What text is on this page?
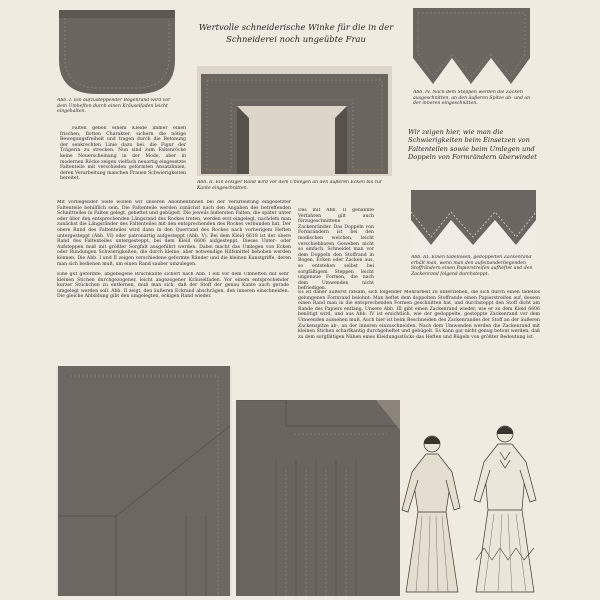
Abb. I. Ein aufzusteppender Bogenrand wird vor dem Umheften durch einen Kräuselfaden leicht eingehalten.
Wertvolle schneiderische Winke für die in der
Schneiderei noch ungeübte Frau
Abb. IV. Nach dem Steppen werden die Zacken ausgeschnitten, an den äußeren Spitze ab- und an der inneren eingeschnitten.
Abb. II. Ein eckiger Rand wird vor dem Umlegen an den äußeren Ecken bis zur Kante eingeschnitten.
Wir zeigen hier, wie man die Schwierigkeiten beim Einsetzen von Faltenteilen sowie beim Umlegen und Doppeln von Formrändern überwindet
Abb. III. Einen tadellosen, gedoppelten Zackenrand erhält man, wenn man den aufeinanderliegenden Stoffrändern einen Papierstreifen aufheftet und den Zackenrand folgend durchsteppt.
Falten geben einem Kleide immer einen frischen, flotten Charakter, sichern die nötige Bewegungsfreiheit und tragen durch die Betonung der senkrechten Linie dazu bei, die Figur der Trägerin zu strecken. Nun sind zum Faltenröcke keine Neuerscheinung in der Mode, aber in modernen Röcke zeigen vielfach neuartig eingesetzte Faltenteile mit verschieden geformten Ansatzlinien, deren Verarbeitung manchen Frauen Schwierigkeiten bereitet.
Mit vorliegender Seite wollen wir unseren Abonnentinnen bei der Verarbeitung eingesetzter Faltenteile behilflich sein. Die Faltenteile werden zunächst nach den Angaben des betreffenden Schnittteiles in Falten gelegt, geheftet und gebügelt. Die jeweils äußersten Falten, die später unter oder über den entsprechenden Längsrand des Rockes treten, werden erst eingelegt, nachdem man zunächst die Längsränder des Faltenteiles mit den entsprechenden des Rockes verbunden hat. Der obere Rund des Faltenteiles wird dann in den Querrand des Rockes nach vorherigem Heften untergesteppt (Abb. VI) oder patronartig aufgesteppt (Abb. V). Bei dem Kleid 6618 ist der obere Rand des Faltenteiles untergesteppt, bei dem Kleid 6606 aufgesteppt. Dieses Unter- oder Aufsteppen muß mit größter Sorgfalt ausgeführt werden. Dabei macht das Umlegen von Ecken oder Rundungen Schwierigkeiten, die durch kleine, aber notwendige Hilfsmittel behoben werden können. Die Abb. I und II zeigen verschiedene geformte Ränder und die kleinen Kunstgriffe, deren man sich bedienen muß, um einen Rand sauber umzulegen.
Eine gut geformte, abgebogene Bruchkante sichert nach Abb. I ein vor dem Umheften mit sehr kleinen Stichen durchgezogener, leicht angezogener Kräuselfaden. Vor einem entsprechender kurzer Stückchen zu entfernen, muß man sich, daß der Stoff der genau Kante auch gerade umgelegt werden soll. Abb. II zeigt, den äußeren Eckrand abschrägen, den inneren einschneiden. Die gleiche Abbildung gibt den umgelegten, eckigen Rand wieder.
Das mit Abb. II genannte Verfahren gilt auch fürzugeschnittene Zackenränder. Das Doppeln von Formrändern ist bei den modischen weichen, leicht verschiebbaren Geweben nicht so einfach. Schneidet man vor dem Doppeln den Stoffrand in Bogen, Ecken oder Zacken aus, so entstehen selbst bei sorgfältigem Steppen leicht ungenaue Formen, die nach dem Umwenden nicht befriedigen.
Es ist daher äußerst ratsam, sich folgender Mehrarbeit zu unterziehen, die sich durch einen tadellos gelungenen Formrand belohnt: Man heftet dem doppelten Stoffrande einen Papierstreifen auf, dessen einen Rand man in die entsprechenden Formen geschnitten hat, und durchsteppt den Stoff dicht am Rande des Papiers entlang. Unsere Abb. III gibt einen Zackenrand wieder, wie er zu dem Kleid 6606 benötigt wird, und aus Abb. IV ist ersichtlich, wie der gedoppelte, gesteppte Zackenrand vor dem Umwenden aussehen muß. Auch hier ist beim Beschneiden des Zackenrandes der Stoff an der äußeren Zackenspitze ab-, an der inneren einzuschneiden. Nach dem Umwenden werden die Zackenrand mit kleinen Stichen scharfkantig durchgeheftet und gebügelt. Es kann gar nicht genug betont werden, daß zu dem sorgfältigen Nähen eines Kleidungsstücks das Heften und Bügeln von größter Bedeutung ist.
